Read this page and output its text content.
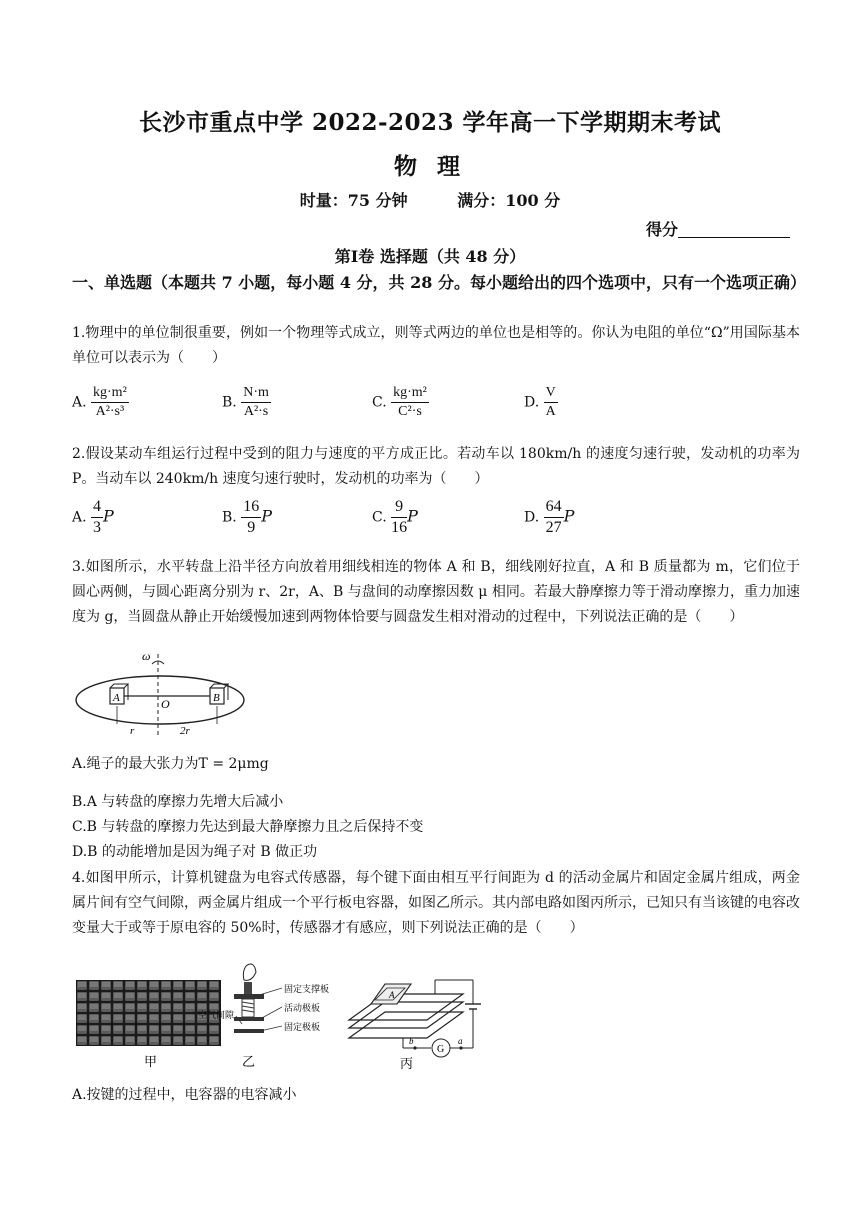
长沙市重点中学 2022-2023 学年高一下学期期末考试
物 理
时量：75 分钟	满分：100 分
得分
第Ⅰ卷 选择题（共 48 分）
一、单选题（本题共 7 小题，每小题 4 分，共 28 分。每小题给出的四个选项中，只有一个选项正确）
1.物理中的单位制很重要，例如一个物理等式成立，则等式两边的单位也是相等的。你认为电阻的单位“Ω”用国际基本单位可以表示为（　　）
A. $\frac{\text{kg·m²}}{\text{A²·s³}}$	B. $\frac{N\cdot m}{\text{A²·s}}$	C. $\frac{\text{kg·m²}}{\text{C²·s}}$	D. $\frac{V}{A}$
2.假设某动车组运行过程中受到的阻力与速度的平方成正比。若动车以 180km/h 的速度匀速行驶，发动机的功率为 P。当动车以 240km/h 速度匀速行驶时，发动机的功率为（　　）
A. $\frac{4}{3}$ P	B. $\frac{16}{9}$ P	C. $\frac{9}{16}$ P	D. $\frac{64}{27}$ P
3.如图所示，水平转盘上沿半径方向放着用细线相连的物体 A 和 B，细线刚好拉直，A 和 B 质量都为 m，它们位于圆心两侧，与圆心距离分别为 r、2r，A、B 与盘间的动摩擦因数 μ 相同。若最大静摩擦力等于滑动摩擦力，重力加速度为 g，当圆盘从静止开始缓慢加速到两物体恰要与圆盘发生相对滑动的过程中，下列说法正确的是（　　）
ω
A	B
O
r	2r
A.绳子的最大张力为T = 2μmg
B.A 与转盘的摩擦力先增大后减小
C.B 与转盘的摩擦力先达到最大静摩擦力且之后保持不变
D.B 的动能增加是因为绳子对 B 做正功
4.如图甲所示，计算机键盘为电容式传感器，每个键下面由相互平行间距为 d 的活动金属片和固定金属片组成，两金属片间有空气间隙，两金属片组成一个平行板电容器，如图乙所示。其内部电路如图丙所示，已知只有当该键的电容改变量大于或等于原电容的 50%时，传感器才有感应，则下列说法正确的是（　　）
甲
固定支撑板
活动极板
固定极板
空气间隙
乙
A
G
b	a
丙
A.按键的过程中，电容器的电容减小
